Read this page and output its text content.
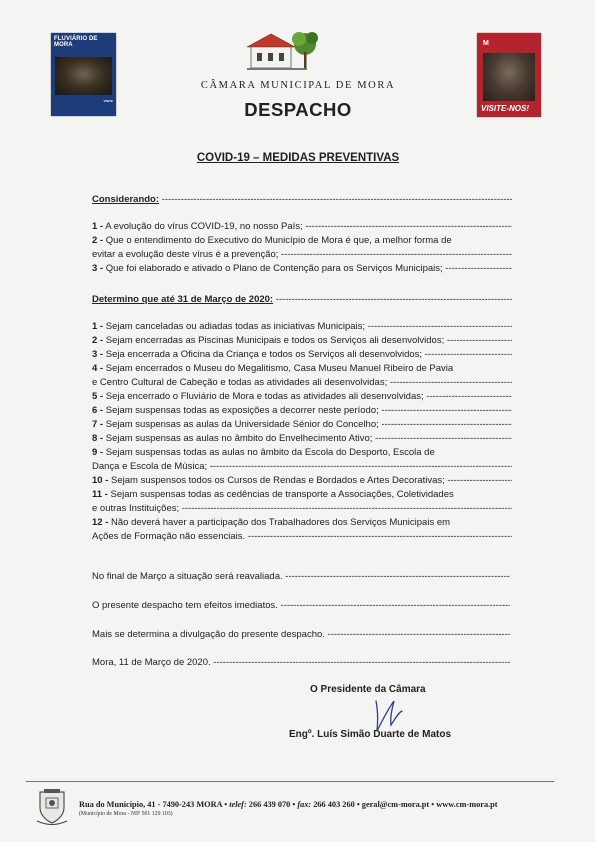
FLUVIÁRIO DE MORA
VISITE
CÂMARA MUNICIPAL DE MORA
DESPACHO
M
VISITE-NOS!
COVID-19 – MEDIDAS PREVENTIVAS
Considerando: -----
1 - A evolução do vírus COVID-19, no nosso País; -----
2 - Que o entendimento do Executivo do Município de Mora é que, a melhor forma de
evitar a evolução deste vírus é a prevenção; -----
3 - Que foi elaborado e ativado o Plano de Contenção para os Serviços Municipais; -----
Determino que até 31 de Março de 2020: -----
1 - Sejam canceladas ou adiadas todas as iniciativas Municipais; -----
2 - Sejam encerradas as Piscinas Municipais e todos os Serviços ali desenvolvidos; -----
3 - Seja encerrada a Oficina da Criança e todos os Serviços ali desenvolvidos; -----
4 - Sejam encerrados o Museu do Megalitismo, Casa Museu Manuel Ribeiro de Pavia
e Centro Cultural de Cabeção e todas as atividades ali desenvolvidas; -----
5 - Seja encerrado o Fluviário de Mora e todas as atividades ali desenvolvidas; -----
6 - Sejam suspensas todas as exposições a decorrer neste período; -----
7 - Sejam suspensas as aulas da Universidade Sénior do Concelho; -----
8 - Sejam suspensas as aulas no âmbito do Envelhecimento Ativo; -----
9 - Sejam suspensas todas as aulas no âmbito da Escola do Desporto, Escola de
Dança e Escola de Música; -----
10 - Sejam suspensos todos os Cursos de Rendas e Bordados e Artes Decorativas; -----
11 - Sejam suspensas todas as cedências de transporte a Associações, Coletividades
e outras Instituições; -----
12 - Não deverá haver a participação dos Trabalhadores dos Serviços Municipais em
Ações de Formação não essenciais. -----
No final de Março a situação será reavaliada. -----
O presente despacho tem efeitos imediatos. -----
Mais se determina a divulgação do presente despacho. -----
Mora, 11 de Março de 2020. -----
O Presidente da Câmara
Engº. Luís Simão Duarte de Matos
Rua do Município, 41 - 7490-243 MORA • telef: 266 439 070 • fax: 266 403 260 • geral@cm-mora.pt • www.cm-mora.pt
(Município de Mora - NIF 501 129 103)
